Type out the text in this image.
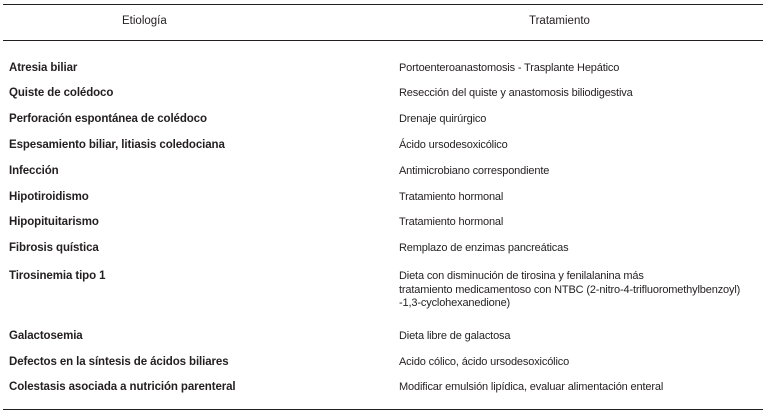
Etiología	Tratamiento
Atresia biliar	Portoenteroanastomosis - Trasplante Hepático
Quiste de colédoco	Resección del quiste y anastomosis biliodigestiva
Perforación espontánea de colédoco	Drenaje quirúrgico
Espesamiento biliar, litiasis coledociana	Ácido ursodesoxicólico
Infección	Antimicrobiano correspondiente
Hipotiroidismo	Tratamiento hormonal
Hipopituitarismo	Tratamiento hormonal
Fibrosis quística	Remplazo de enzimas pancreáticas
Tirosinemia tipo 1	Dieta con disminución de tirosina y fenilalanina más
tratamiento medicamentoso con NTBC (2-nitro-4-trifluoromethylbenzoyl)
-1,3-cyclohexanedione)
Galactosemia	Dieta libre de galactosa
Defectos en la síntesis de ácidos biliares	Acido cólico, ácido ursodesoxicólico
Colestasis asociada a nutrición parenteral	Modificar emulsión lipídica, evaluar alimentación enteral
